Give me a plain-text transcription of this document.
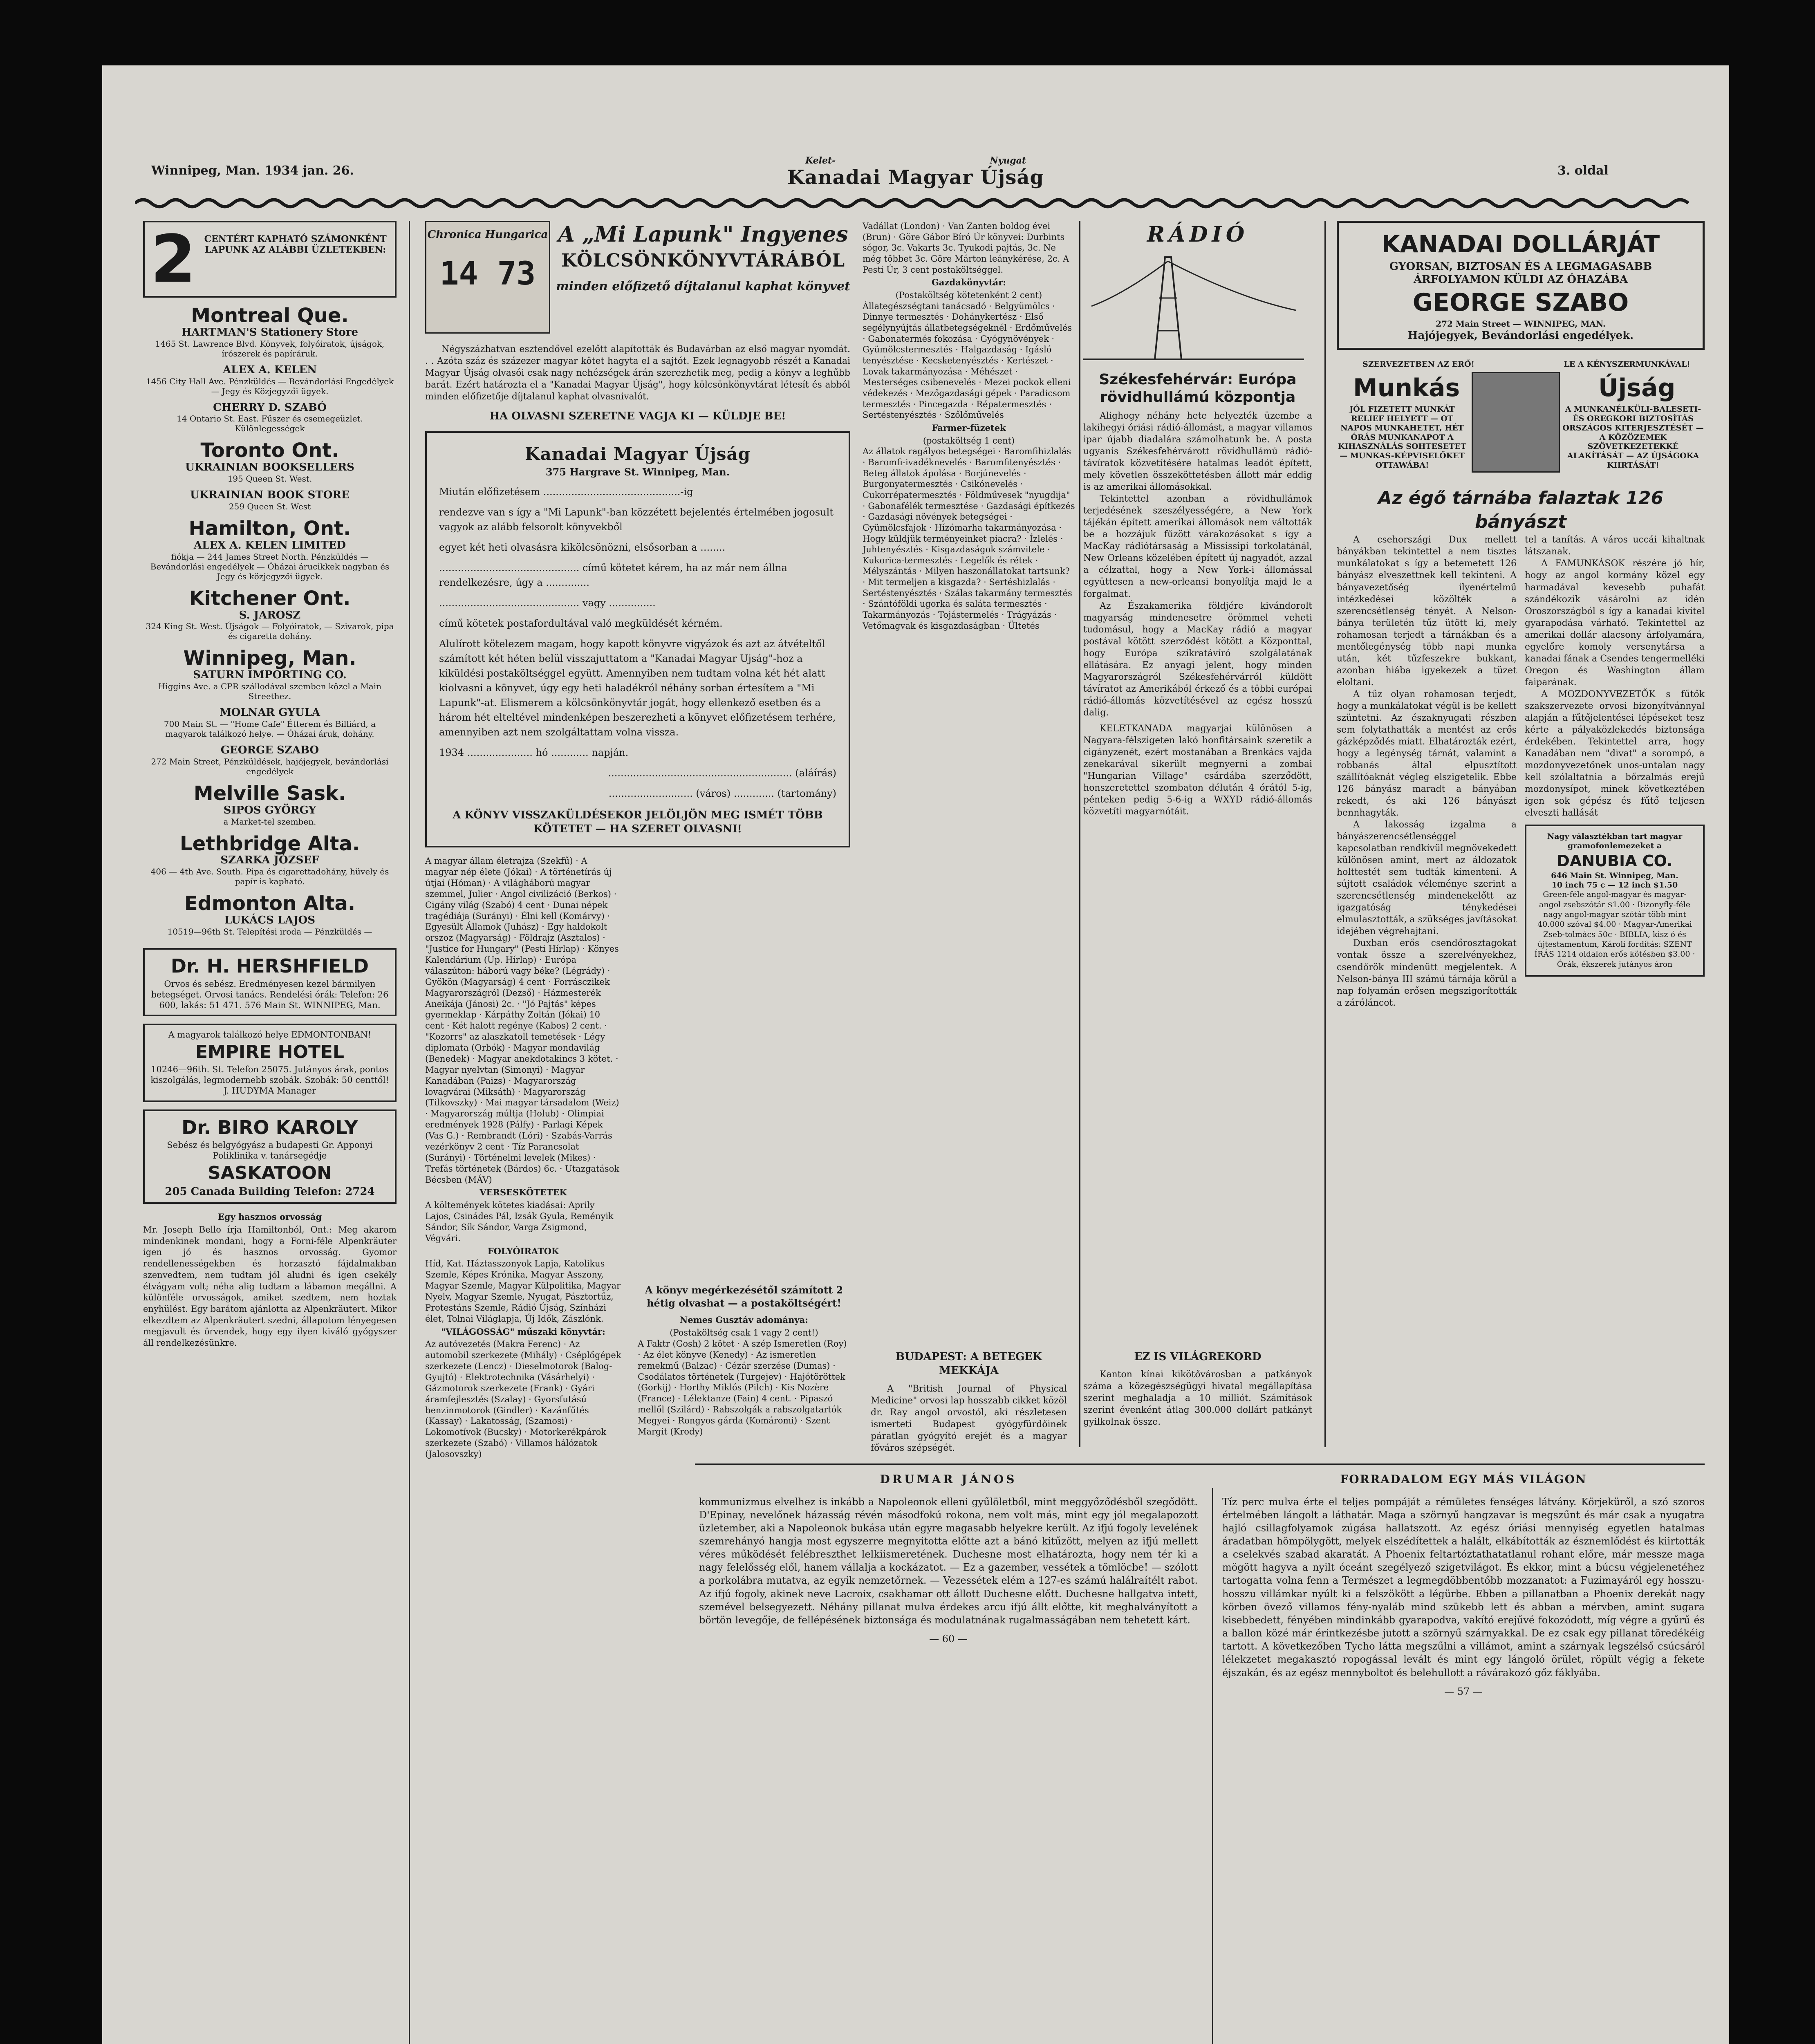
Winnipeg, Man. 1934 jan. 26.
Kelet-	Nyugat
Kanadai Magyar Újság	3. oldal
2 CENTÉRT KAPHATÓ SZÁMONKÉNT LAPUNK AZ ALÁBBI ÜZLETEKBEN:
Montreal Que.
HARTMAN'S Stationery Store
1465 St. Lawrence Blvd. Könyvek, folyóiratok, újságok, írószerek és papíráruk.
ALEX A. KELEN
1456 City Hall Ave. Pénzküldés — Bevándorlási Engedélyek — Jegy és Közjegyzői ügyek.
CHERRY D. SZABÓ
14 Ontario St. East. Fűszer és csemegeüzlet. Különlegességek
Toronto Ont.
UKRAINIAN BOOKSELLERS
195 Queen St. West.
UKRAINIAN BOOK STORE
259 Queen St. West
Hamilton, Ont.
ALEX A. KELEN LIMITED
fiókja — 244 James Street North. Pénzküldés — Bevándorlási engedélyek — Óházai árucikkek nagyban és Jegy és közjegyzői ügyek.
Kitchener Ont.
S. JAROSZ
324 King St. West. Újságok — Folyóiratok, — Szivarok, pipa és cigaretta dohány.
Winnipeg, Man.
SATURN IMPORTING CO.
Higgins Ave. a CPR szállodával szemben közel a Main Streethez.
MOLNAR GYULA
700 Main St. — "Home Cafe" Étterem és Billiárd, a magyarok találkozó helye. — Óházai áruk, dohány.
GEORGE SZABO
272 Main Street, Pénzküldések, hajójegyek, bevándorlási engedélyek
Melville Sask.
SIPOS GYÖRGY
a Market-tel szemben.
Lethbridge Alta.
SZARKA JÓZSEF
406 — 4th Ave. South. Pipa és cigarettadohány, hüvely és papír is kapható.
Edmonton Alta.
LUKÁCS LAJOS
10519—96th St. Telepítési iroda — Pénzküldés —
Dr. H. HERSHFIELD
Orvos és sebész. Eredményesen kezel bármilyen betegséget. Orvosi tanács. Rendelési órák: Telefon: 26 600, lakás: 51 471. 576 Main St. WINNIPEG, Man.
A magyarok találkozó helye EDMONTONBAN!
EMPIRE HOTEL
10246—96th. St. Telefon 25075. Jutányos árak, pontos kiszolgálás, legmodernebb szobák. Szobák: 50 centtől! J. HUDYMA Manager
Dr. BIRO KAROLY
Sebész és belgyógyász a budapesti Gr. Apponyi Poliklinika v. tanársegédje
SASKATOON
205 Canada Building Telefon: 2724
Egy hasznos orvosság
Mr. Joseph Bello írja Hamiltonból, Ont.: Meg akarom mindenkinek mondani, hogy a Forni-féle Alpenkräuter igen jó és hasznos orvosság. Gyomor rendellenességekben és horzasztó fájdalmakban szenvedtem, nem tudtam jól aludni és igen csekély étvágyam volt; néha alig tudtam a lábamon megállni. A különféle orvosságok, amiket szedtem, nem hoztak enyhülést. Egy barátom ajánlotta az Alpenkräutert. Mikor elkezdtem az Alpenkräutert szedni, állapotom lényegesen megjavult és örvendek, hogy egy ilyen kiváló gyógyszer áll rendelkezésünkre.
Chronica Hungarica
14 73
A „Mi Lapunk" Ingyenes
KÖLCSÖNKÖNYVTÁRÁBÓL
minden előfizető díjtalanul kaphat könyvet
Négyszázhatvan esztendővel ezelőtt alapították és Budavárban az első magyar nyomdát. . . Azóta száz és százezer magyar kötet hagyta el a sajtót. Ezek legnagyobb részét a Kanadai Magyar Újság olvasói csak nagy nehézségek árán szerezhetik meg, pedig a könyv a leghűbb barát. Ezért határozta el a "Kanadai Magyar Újság", hogy kölcsönkönyvtárat létesít és abból minden előfizetője díjtalanul kaphat olvasnivalót.
HA OLVASNI SZERETNE VAGJA KI — KÜLDJE BE!
Kanadai Magyar Újság
375 Hargrave St. Winnipeg, Man.
Miután előfizetésem ............................................-ig
rendezve van s így a "Mi Lapunk"-ban közzétett bejelentés értelmében jogosult vagyok az alább felsorolt könyvekből
egyet két heti olvasásra kikölcsönözni, elsősorban a ........
............................................. című kötetet kérem, ha az már nem állna rendelkezésre, úgy a ..............
............................................. vagy ...............
című kötetek postafordultával való megküldését kérném.
Alulírott kötelezem magam, hogy kapott könyvre vigyázok és azt az átvételtől számított két héten belül visszajuttatom a "Kanadai Magyar Ujság"-hoz a kiküldési postaköltséggel együtt. Amennyiben nem tudtam volna két hét alatt kiolvasni a könyvet, úgy egy heti haladékról néhány sorban értesítem a "Mi Lapunk"-at. Elismerem a kölcsönkönyvtár jogát, hogy ellenkező esetben és a három hét elteltével mindenképen beszerezheti a könyvet előfizetésem terhére, amennyiben azt nem szolgáltattam volna vissza.
1934 ..................... hó ............ napján.
........................................................... (aláírás)
........................... (város) ............. (tartomány)
A KÖNYV VISSZAKÜLDÉSEKOR JELÖLJÖN MEG ISMÉT TÖBB KÖTETET — HA SZERET OLVASNI!
A magyar állam életrajza (Szekfű) · A magyar nép élete (Jókai) · A történetírás új útjai (Hóman) · A világháború magyar szemmel, Julier · Angol civilizáció (Berkos) · Cigány világ (Szabó) 4 cent · Dunai népek tragédiája (Surányi) · Élni kell (Komárvy) · Egyesült Államok (Juhász) · Egy haldokolt orszoz (Magyarság) · Földrajz (Asztalos) · "Justice for Hungary" (Pesti Hírlap) · Könyes Kalendárium (Up. Hírlap) · Európa válaszúton: háború vagy béke? (Légrády) · Gyökön (Magyarság) 4 cent · Forrásczikek Magyarországról (Dezső) · Házmesterék Aneikája (Jánosi) 2c. · "Jó Pajtás" képes gyermeklap · Kárpáthy Zoltán (Jókai) 10 cent · Két halott regénye (Kabos) 2 cent. · "Kozorrs" az alaszkatoll temetések · Légy diplomata (Orbók) · Magyar mondavilág (Benedek) · Magyar anekdotakincs 3 kötet. · Magyar nyelvtan (Simonyi) · Magyar Kanadában (Paizs) · Magyarország lovagvárai (Miksáth) · Magyarország (Tilkovszky) · Mai magyar társadalom (Weiz) · Magyarország múltja (Holub) · Olimpiai eredmények 1928 (Pálfy) · Parlagi Képek (Vas G.) · Rembrandt (Lóri) · Szabás-Varrás vezérkönyv 2 cent · Tíz Parancsolat (Surányi) · Történelmi levelek (Mikes) · Trefás történetek (Bárdos) 6c. · Utazgatások Bécsben (MÁV)
VERSESKÖTETEK
A költemények kötetes kiadásai: Aprily Lajos, Csinádes Pál, Izsák Gyula, Reményik Sándor, Sík Sándor, Varga Zsigmond, Végvári.
FOLYÓIRATOK
Híd, Kat. Háztasszonyok Lapja, Katolikus Szemle, Képes Krónika, Magyar Asszony, Magyar Szemle, Magyar Külpolitika, Magyar Nyelv, Magyar Szemle, Nyugat, Pásztortűz, Protestáns Szemle, Rádió Újság, Színházi élet, Tolnai Világlapja, Új Idők, Zászlónk.
"VILÁGOSSÁG" műszaki könyvtár:
Az autóvezetés (Makra Ferenc) · Az automobil szerkezete (Mihály) · Cséplőgépek szerkezete (Lencz) · Dieselmotorok (Balog-Gyujtó) · Elektrotechnika (Vásárhelyi) · Gázmotorok szerkezete (Frank) · Gyári áramfejlesztés (Szalay) · Gyorsfutású benzinmotorok (Gindler) · Kazánfűtés (Kassay) · Lakatosság, (Szamosi) · Lokomotívok (Bucsky) · Motorkerékpárok szerkezete (Szabó) · Villamos hálózatok (Jalosovszky)
A könyv megérkezésétől számított 2 hétig olvashat — a postaköltségért!
Nemes Gusztáv adománya:
(Postaköltség csak 1 vagy 2 cent!)
A Faktr (Gosh) 2 kötet · A szép Ismeretlen (Roy) · Az élet könyve (Kenedy) · Az ismeretlen remekmű (Balzac) · Cézár szerzése (Dumas) · Csodálatos történetek (Turgejev) · Hajótöröttek (Gorkij) · Horthy Miklós (Pilch) · Kis Nozère (France) · Lélektanze (Fain) 4 cent. · Pipaszó mellől (Szilárd) · Rabszolgák a rabszolgatartók Megyei · Rongyos gárda (Komáromi) · Szent Margit (Krody)
Vadállat (London) · Van Zanten boldog évei (Brun) · Göre Gábor Bíró Úr könyvei: Durbints sógor, 3c. Vakarts 3c. Tyukodi pajtás, 3c. Ne még többet 3c. Göre Márton leánykérése, 2c. A Pesti Úr, 3 cent postaköltséggel.
Gazdakönyvtár:
(Postaköltség kötetenként 2 cent)
Állategészségtani tanácsadó · Belgyümölcs · Dinnye termesztés · Dohánykertész · Első segélynyújtás állatbetegségeknél · Erdőművelés · Gabonatermés fokozása · Gyógynövények · Gyümölcstermesztés · Halgazdaság · Igásló tenyésztése · Kecsketenyésztés · Kertészet · Lovak takarmányozása · Méhészet · Mesterséges csibenevelés · Mezei pockok elleni védekezés · Mezőgazdasági gépek · Paradicsom termesztés · Pincegazda · Répatermesztés · Sertéstenyésztés · Szőlőművelés
Farmer-füzetek
(postaköltség 1 cent)
Az állatok ragályos betegségei · Baromfihizlalás · Baromfi-ivadéknevelés · Baromfitenyésztés · Beteg állatok ápolása · Borjúnevelés · Burgonyatermesztés · Csikónevelés · Cukorrépatermesztés · Földművesek "nyugdija" · Gabonafélék termesztése · Gazdasági építkezés · Gazdasági növények betegségei · Gyümölcsfajok · Hízómarha takarmányozása · Hogy küldjük terményeinket piacra? · Ízlelés · Juhtenyésztés · Kisgazdaságok számvitele · Kukorica-termesztés · Legelők és rétek · Mélyszántás · Milyen haszonállatokat tartsunk? · Mit termeljen a kisgazda? · Sertéshizlalás · Sertéstenyésztés · Szálas takarmány termesztés · Szántóföldi ugorka és saláta termesztés · Takarmányozás · Tojástermelés · Trágyázás · Vetőmagvak és kisgazdaságban · Ültetés
RÁDIÓ
Székesfehérvár: Európa rövidhullámú központja
Alighogy néhány hete helyezték üzembe a lakihegyi óriási rádió-állomást, a magyar villamos ipar újabb diadalára számolhatunk be. A posta ugyanis Székesfehérvárott rövidhullámú rádió-távíratok közvetítésére hatalmas leadót épített, mely követlen összeköttetésben állott már eddig is az amerikai állomásokkal.
Tekintettel azonban a rövidhullámok terjedésének szeszélyességére, a New York tájékán épített amerikai állomások nem váltották be a hozzájuk fűzött várakozásokat s így a MacKay rádiótársaság a Mississipi torkolatánál, New Orleans közelében épített új nagyadót, azzal a célzattal, hogy a New York-i állomással együttesen a new-orleansi bonyolítja majd le a forgalmat.
Az Északamerika földjére kivándorolt magyarság mindenesetre örömmel veheti tudomásul, hogy a MacKay rádió a magyar postával kötött szerződést kötött a Központtal, hogy Európa szikratávíró szolgálatának ellátására. Ez anyagi jelent, hogy minden Magyarországról Székesfehérvárról küldött távíratot az Amerikából érkező és a többi európai rádió-állomás közvetítésével az egész hosszú dalig.
KELETKANADA magyarjai különösen a Nagyara-félszigeten lakó honfitársaink szeretik a cigányzenét, ezért mostanában a Brenkács vajda zenekarával sikerült megnyerni a zombai "Hungarian Village" csárdába szerződött, honszeretettel szombaton délután 4 órától 5-ig, pénteken pedig 5-6-ig a WXYD rádió-állomás közvetíti magyarnótáit.
BUDAPEST: A BETEGEK MEKKÁJA
A "British Journal of Physical Medicine" orvosi lap hosszabb cikket közöl dr. Ray angol orvostól, aki részletesen ismerteti Budapest gyógyfürdőinek páratlan gyógyító erejét és a magyar főváros szépségét.
EZ IS VILÁGREKORD
Kanton kínai kikötővárosban a patkányok száma a közegészségügyi hivatal megállapítása szerint meghaladja a 10 milliót. Számítások szerint évenként átlag 300.000 dollárt patkányt gyilkolnak össze.
KANADAI DOLLÁRJÁT
GYORSAN, BIZTOSAN ÉS A LEGMAGASABB ÁRFOLYAMON KÜLDI AZ ÓHAZÁBA
GEORGE SZABO
272 Main Street — WINNIPEG, MAN.
Hajójegyek, Bevándorlási engedélyek.
SZERVEZETBEN AZ ERŐ!	LE A KÉNYSZERMUNKÁVAL!
Munkás	Újság
JÓL FIZETETT MUNKÁT RELIEF HELYETT — OT NAPOS MUNKAHETET, HÉT ÓRÁS MUNKANAPOT A KIHASZNÁLÁS SOHTESETET — MUNKAS-KÉPVISELŐKET OTTAWÁBA!
A MUNKANÉLKÜLI-BALESETI- ÉS OREGKORI BIZTOSÍTÁS ORSZÁGOS KITERJESZTÉSÉT — A KÖZÖZEMEK SZÖVETKEZETEKKÉ ALAKÍTÁSÁT — AZ ÚJSÁGOKA KIIRTÁSÁT!
Az égő tárnába falaztak 126 bányászt
A csehországi Dux mellett bányákban tekintettel a nem tisztes munkálatokat s így a betemetett 126 bányász elveszettnek kell tekinteni. A bányavezetőség ilyenértelmű intézkedései közölték a szerencsétlenség tényét. A Nelson-bánya területén tűz ütött ki, mely rohamosan terjedt a tárnákban és a mentőlegénység több napi munka után, két tűzfeszekre bukkant, azonban hiába igyekezek a tüzet eloltani.
A tűz olyan rohamosan terjedt, hogy a munkálatokat végül is be kellett szüntetni. Az északnyugati részben sem folytathatták a mentést az erős gázképződés miatt. Elhatározták ezért, hogy a legénység tárnát, valamint a robbanás által elpusztított szállítóaknát végleg elszigetelik. Ebbe 126 bányász maradt a bányában rekedt, és aki 126 bányászt bennhagyták.
A lakosság izgalma a bányászerencsétlenséggel kapcsolatban rendkívül megnövekedett különösen amint, mert az áldozatok holttestét sem tudták kimenteni. A sújtott családok véleménye szerint a szerencsétlenség mindenekelőtt az igazgatóság ténykedései elmulasztották, a szükséges javításokat idejében végrehajtani.
Duxban erős csendőrosztagokat vontak össze a szerelvényekhez, csendőrök mindenütt megjelentek. A Nelson-bánya III számú tárnája körül a nap folyamán erősen megszigorították a záróláncot.
tel a tanítás. A város uccái kihaltnak látszanak.
A FAMUNKÁSOK részére jó hír, hogy az angol kormány közel egy harmadával kevesebb puhafát szándékozik vásárolni az idén Oroszországból s így a kanadai kivitel gyarapodása várható. Tekintettel az amerikai dollár alacsony árfolyamára, egyelőre komoly versenytársa a kanadai fának a Csendes tengermelléki Oregon és Washington állam faiparának.
A MOZDONYVEZETŐK s fűtők szakszervezete orvosi bizonyítvánnyal alapján a fűtőjelentései lépéseket tesz kérte a pályaközlekedés biztonsága érdekében. Tekintettel arra, hogy Kanadában nem "divat" a sorompó, a mozdonyvezetőnek unos-untalan nagy kell szólaltatnia a bőrzalmás erejű mozdonysípot, minek következtében igen sok gépész és fűtő teljesen elveszti hallását
Nagy választékban tart magyar gramofonlemezeket a
DANUBIA CO.
646 Main St. Winnipeg, Man.
10 inch 75 c — 12 inch $1.50
Green-féle angol-magyar és magyar-angol zsebszótár $1.00 · Bizonyfly-féle nagy angol-magyar szótár több mint 40.000 szóval $4.00 · Magyar-Amerikai Zseb-tolmács 50c · BIBLIA, kisz ó és újtestamentum, Károli fordítás: SZENT ÍRÁS 1214 oldalon erős kötésben $3.00 · Órák, ékszerek jutányos áron
DRUMAR JÁNOS
kommunizmus elvelhez is inkább a Napoleonok elleni gyűlöletből, mint meggyőződésből szegődött. D'Epinay, nevelőnek házasság révén másodfokú rokona, nem volt más, mint egy jól megalapozott üzletember, aki a Napoleonok bukása után egyre magasabb helyekre került. Az ifjú fogoly levelének szemrehányó hangja most egyszerre megnyitotta előtte azt a bánó kitűzött, melyen az ifjú mellett véres működését felébreszthet lelkiismeretének. Duchesne most elhatározta, hogy nem tér ki a nagy felelősség elől, hanem vállalja a kockázatot. — Ez a gazember, vessétek a tömlöcbe! — szólott a porkolábra mutatva, az egyik nemzetőrnek. — Vezessétek elém a 127-es számú halálraítélt rabot. Az ifjú fogoly, akinek neve Lacroix, csakhamar ott állott Duchesne előtt. Duchesne hallgatva intett, szemével belsegyezett. Néhány pillanat mulva érdekes arcu ifjú állt előtte, kit meghalványított a börtön levegője, de fellépésének biztonsága és modulatnának rugalmasságában nem tehetett kárt.
— 60 —
FORRADALOM EGY MÁS VILÁGON
Tíz perc mulva érte el teljes pompáját a rémületes fenséges látvány. Körjeküről, a szó szoros értelmében lángolt a láthatár. Maga a szörnyű hangzavar is megszűnt és már csak a nyugatra hajló csillagfolyamok zúgása hallatszott. Az egész óriási mennyiség egyetlen hatalmas áradatban hömpölygött, melyek elszédítettek a halált, elkábították az észnemlődést és kiirtották a cselekvés szabad akaratát. A Phoenix feltartóztathatatlanul rohant előre, már messze maga mögött hagyva a nyilt óceánt szegélyező szigetvilágot. És ekkor, mint a búcsu végjelenetéhez tartogatta volna fenn a Természet a legmegdöbbentőbb mozzanatot: a Fuzimayáról egy hosszu-hosszu villámkar nyúlt ki a felszökött a légürbe. Ebben a pillanatban a Phoenix derekát nagy körben övező villamos fény-nyaláb mind szükebb lett és abban a mérvben, amint sugara kisebbedett, fényében mindinkább gyarapodva, vakító erejűvé fokozódott, míg végre a gyűrű és a ballon közé már érintkezésbe jutott a szörnyű szárnyakkal. De ez csak egy pillanat töredékéig tartott. A következőben Tycho látta megszűlni a villámot, amint a szárnyak legszélső csúcsáról lélekzetet megakasztó ropogással levált és mint egy lángoló örület, röpült végig a fekete éjszakán, és az egész mennyboltot és belehullott a rávárakozó gőz fáklyába.
— 57 —
